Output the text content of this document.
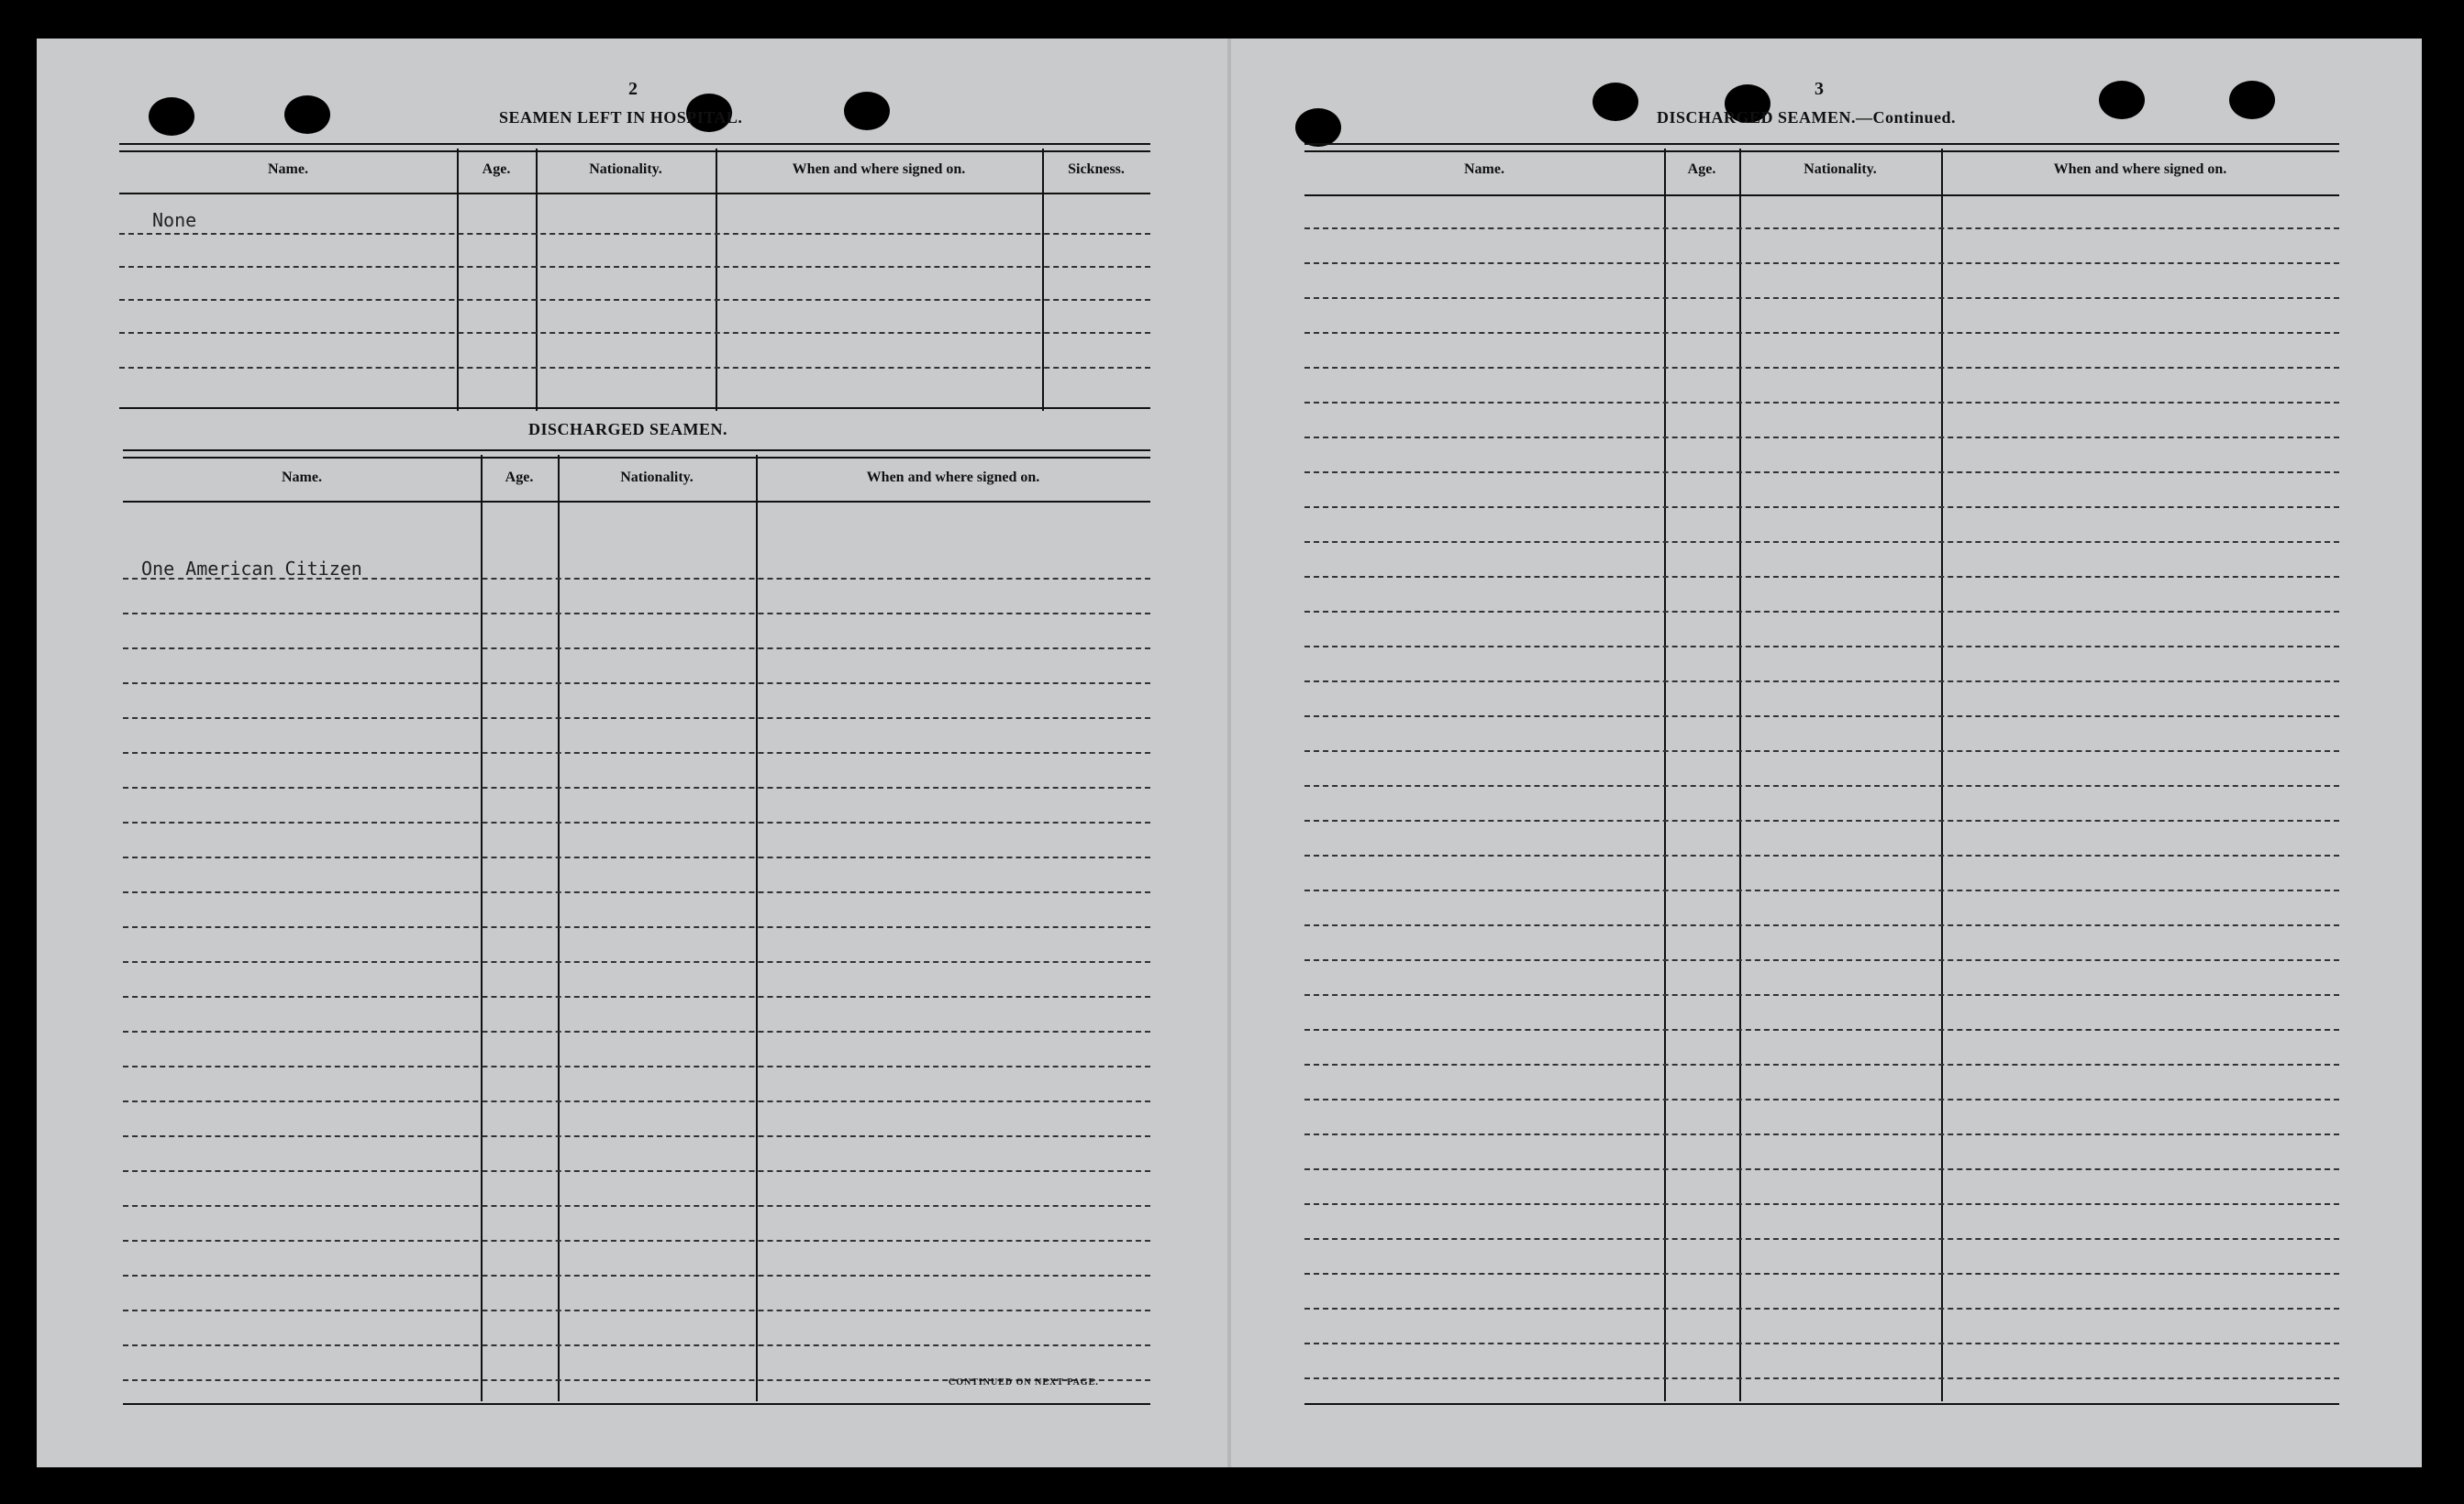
2
SEAMEN LEFT IN HOSPITAL.
Name.	Age.	Nationality.	When and where signed on.	Sickness.
None
DISCHARGED SEAMEN.
Name.	Age.	Nationality.	When and where signed on.
One American Citizen
CONTINUED ON NEXT PAGE.
3
DISCHARGED SEAMEN.—Continued.
Name.	Age.	Nationality.	When and where signed on.
